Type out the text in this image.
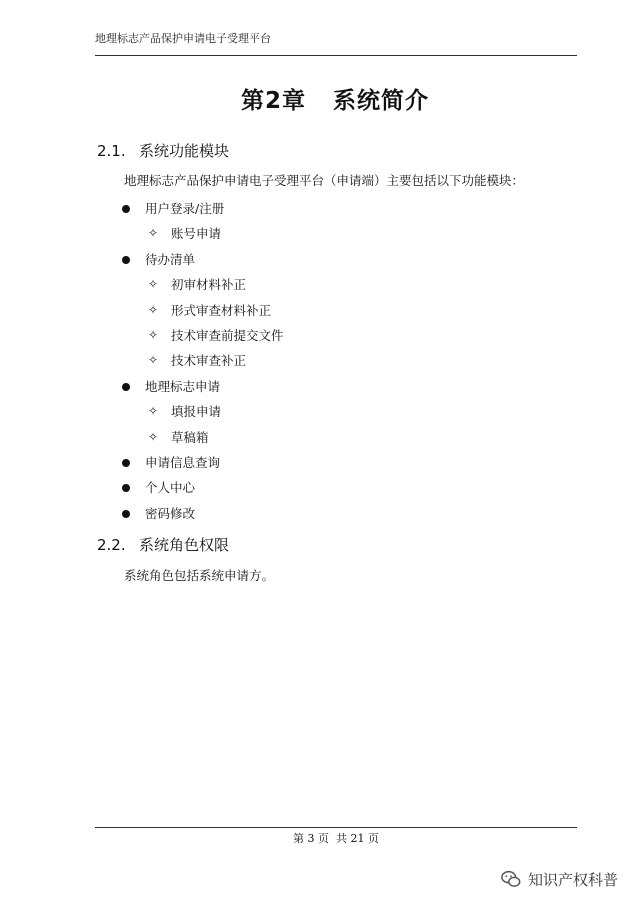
地理标志产品保护申请电子受理平台
第2章 系统简介
2.1. 系统功能模块
地理标志产品保护申请电子受理平台（申请端）主要包括以下功能模块：
用户登录/注册
✧ 账号申请
待办清单
✧ 初审材料补正
✧ 形式审查材料补正
✧ 技术审查前提交文件
✧ 技术审查补正
地理标志申请
✧ 填报申请
✧ 草稿箱
申请信息查询
个人中心
密码修改
2.2. 系统角色权限
系统角色包括系统申请方。
第 3 页  共 21 页
知识产权科普
